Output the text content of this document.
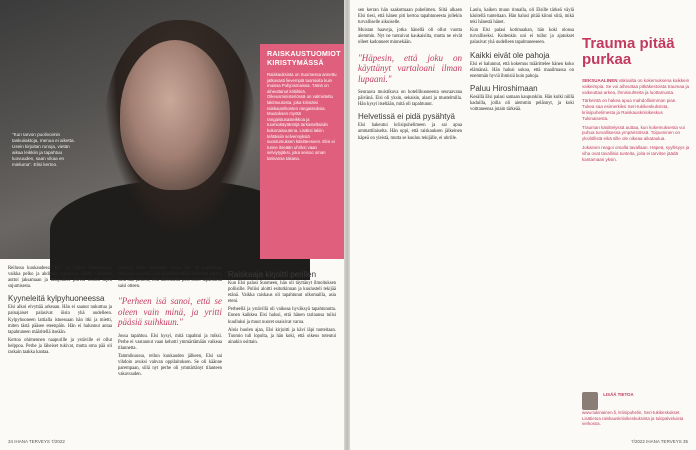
"Kun tarvon puolivoimin taskuiiaktoja, menua ei aiketta. Usein kirjoitan runoja, vietän aikaa leikkiin ja tapahtuu luovuuden, saan vikaa en mieluma". Elisi kertoo.
RAISKAUSTUOMIOT KIRISTYMÄSSÄ

Raiskauksista on Suomessa annettu jatkuvasti lievempiä tuomioita kuin muissa Pohjoismaissa. Tämä on aiheuttanut kritiikkiä. Oikeusministeriössä on valmisteltu lakimuutosta, joka kiristäisi raiskausrikosten rangaistuksia. Muutoksen myötä rangaistusasteikkoa ja tuomiokäytäntöjä tarkasteltaisiin kokonaisuutena. Lisäksi lakiin tehtäisiin selvennyksiä suostumuksen käsitteeseen. Elisi ei tunne itseään uhriksi vaan selviytyjäksi, joka seisoo oman tarinansa takana.

Reilussa kuukaudessa Elsi oli jälleen liikenteessä, vaikka pelko ja ahdistus seurasivat häntä. Opiskelu auttoi jaksamaan ja tukijoukot pitivät huolta arjen sujumisesta.

Kyyneleitä kylpyhuoneessa

Elsi alkoi elvyttää arkeaan. Hän ei saanut nukuttua ja painajaiset palasivat öisin yhä uudelleen. Kylpyhuoneen lattialla istuessaan hän itki ja mietti, miten tästä pääsee eteenpäin. Hän ei halunnut antaa tapahtuneen määritellä itseään.

Kertoa ohimennen naapurille ja ystäville ei ollut helppoa. Perhe ja läheiset tukivat, mutta oma pää oli raskain taakka kantaa.

lähtenyt Elsin Suomeen, koska hän oli kuulemma rikkonut sääntöjä. Elsi ei edelleenkään halunnut palata, sillä hän järkeili, että lähtemällä pois koko tapahtuma saisi otteen.

"Perheen isä sanoi, että se oleen vain minä, ja yritti pääsiä suihkuun."

Jossa tapahtuu. Elsi kysyi, mitä tapahtui ja miksi. Perhe ei vastannut vaan kehotti ymmärtämään vaikeaa tilannetta.

Tammikuussa, reilun kuukauden jälkeen, Elsi sai vihdoin avuksi vahvan oppilaitoksen. Se oli käänne parempaan, sillä nyt perhe oli ymmärtänyt tilanteen vakavuuden.

Raiskaaja kirjoitti perillen

Kun Elsi palasi Suomeen, hän oli täyttänyt ilmoituksen poliisille. Poliisi aloitti esitutkinnan ja kuulusteli tekijää etänä. Vaikka raiskaus oli tapahtunut ulkomailla, asia eteni.

Perheellä ja ystävillä oli vaikeaa hyväksyä tapahtunutta. Ennen kaikkea Elsi halusi, että hänen tarinansa tulisi kuulluksi ja muut nuoret osaisivat varoa.

Alois huolen ajan, Elsi kirjoitti ja kävi läpi tunteitaan. Tuomio tuli lopulta, ja hän koki, että oikeus toteutui ainakin osittain.

34 IHANA TERVEYS 7/2022

sen kerran hän saakuttuaan puhelimen. Siitä alkaen Elsi tiesi, että hänen piti kertoa tapahtuneesta jollekin turvalliselle aikuiselle.

Muistan haaveja, jotka hänellä oli ollut vuotta aiemmin. Nyt ne tuntuivat kaukaisilta, mutta ne eivät olleet kadonneet minnekään.

"Häpesin, että joku on käyttänyt vartaloani ilman lupaani."

Seuraava muistikuva on hotellihuoneesta seuraavana päivänä. Elsi oli yksin, sekaisin, alasti ja mustelmilla. Hän kysyi itseltään, mitä oli tapahtunut.

Helvetissä ei pidä pysähtyä

Elsi hakeutui kriisipuhelimeen ja sai apua ammattilaiselta. Hän oppi, että raiskauksen jälkeinen häpeä on yleistä, mutta se kuuluu tekijälle, ei uhrille.

Laulu, kaiken muun rinnalla, oli Elsille tärkeä väylä käsitellä tunteitaan. Hän halusi pitää kiinni siitä, mikä teki hänestä hänet.

Kun Elsi palasi kotimaahan, hän koki olonsa turvalliseksi. Kuitenkin uni ei tullut ja ajatukset palasivat yhä uudelleen tapahtuneeseen.

Kaikki eivät ole pahoja

Elsi ei halunnut, että kokemus määrittelee hänen koko elämänsä. Hän halusi uskoa, että maailmassa on enemmän hyviä ihmisiä kuin pahoja.

Paluu Hiroshimaan

Kesällä Elsi palasi samaan kaupunkiin. Hän kulki niillä kaduilla, joilla oli aiemmin pelännyt, ja koki voittaneensa jotain tärkeää.

Trauma pitää purkaa

SEKSUAALINEN väkivalta on kokemuksena kaikkein vaikeimpia. Se voi aiheuttaa pitkäkestoista traumaa ja vaikeuttaa arkea, ihmissuhteita ja luottamusta.

Tärkeintä on hakea apua mahdollisimman pian. Tukea saa esimerkiksi Seri-tukikeskuksista, kriisipuhelimesta ja Raiskauskriisikeskus Tukinaisesta.

Trauman käsittelyssä auttaa, kun kokemuksesta voi puhua turvallisessa ympäristössä. Toipuminen on yksilöllistä eikä sille ole oikeaa aikataulua.

Jokainen reagoi omalla tavallaan. Häpeä, syyllisyys ja viha ovat tavallisia tunteita, joita ei tarvitse jäädä kantamaan yksin.

LISÄÄ TIETOA
www.tukinainen.fi, kriisipuhelin, Seri-tukikeskukset. Lisätietoa raiskauskriisikeskuksista ja tukipalveluista verkossa.
7/2022 IHANA TERVEYS 35
